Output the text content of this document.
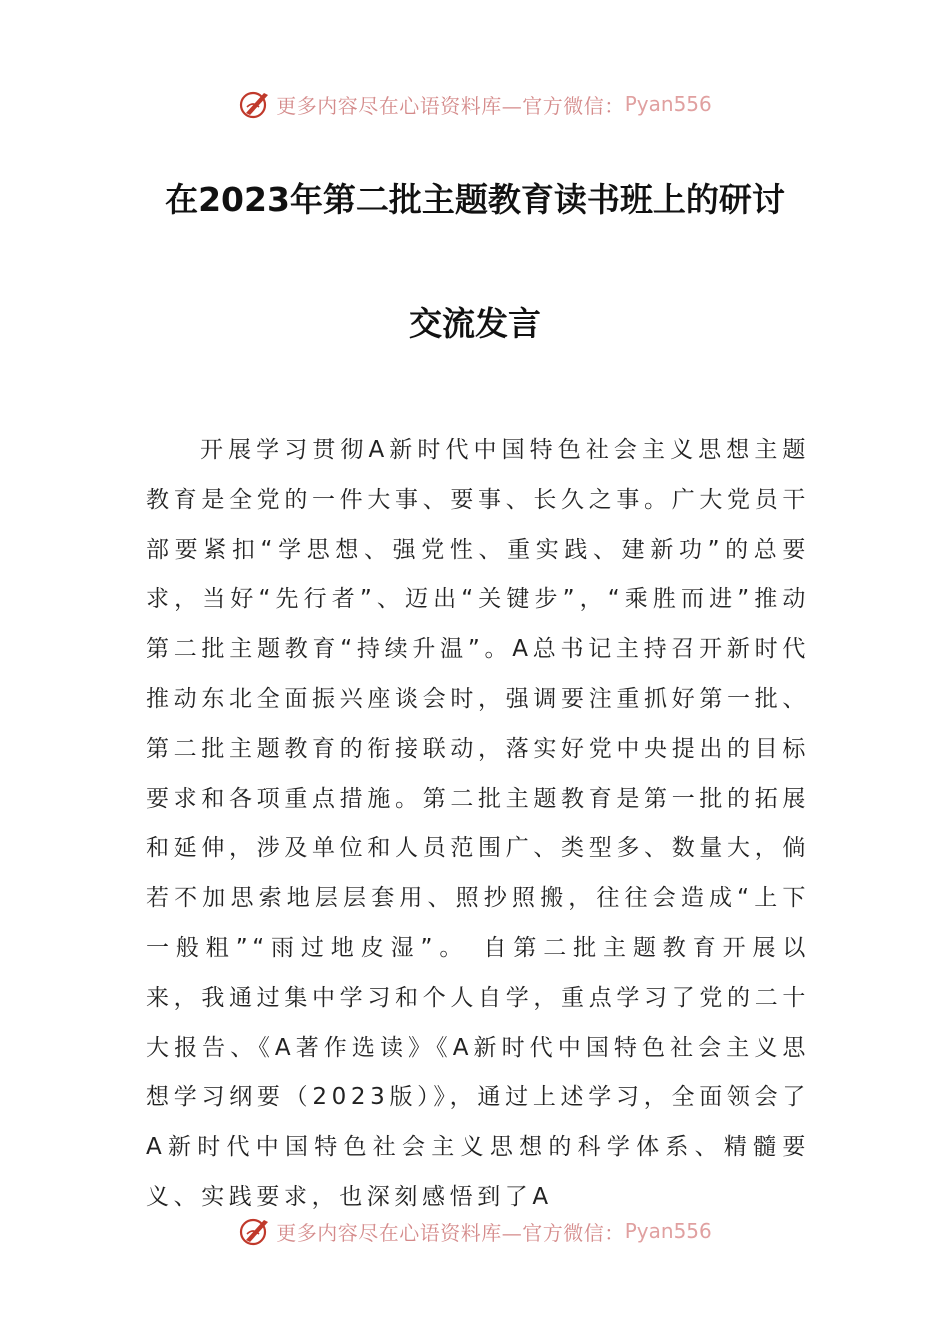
更多内容尽在心语资料库—官方微信： Pyan556
在2023年第二批主题教育读书班上的研讨
交流发言
开展学习贯彻A新时代中国特色社会主义思想主题教育是全党的一件大事、要事、长久之事。广大党员干部要紧扣“学思想、强党性、重实践、建新功”的总要求，当好“先行者”、迈出“关键步”，“乘胜而进”推动第二批主题教育“持续升温”。A总书记主持召开新时代推动东北全面振兴座谈会时，强调要注重抓好第一批、第二批主题教育的衔接联动，落实好党中央提出的目标要求和各项重点措施。第二批主题教育是第一批的拓展和延伸，涉及单位和人员范围广、类型多、数量大，倘若不加思索地层层套用、照抄照搬，往往会造成“上下一般粗”“雨过地皮湿”。 自第二批主题教育开展以来，我通过集中学习和个人自学，重点学习了党的二十大报告、《A著作选读》《A新时代中国特色社会主义思想学习纲要（2023版）》，通过上述学习，全面领会了A新时代中国特色社会主义思想的科学体系、精髓要义、实践要求，也深刻感悟到了A
更多内容尽在心语资料库—官方微信： Pyan556
